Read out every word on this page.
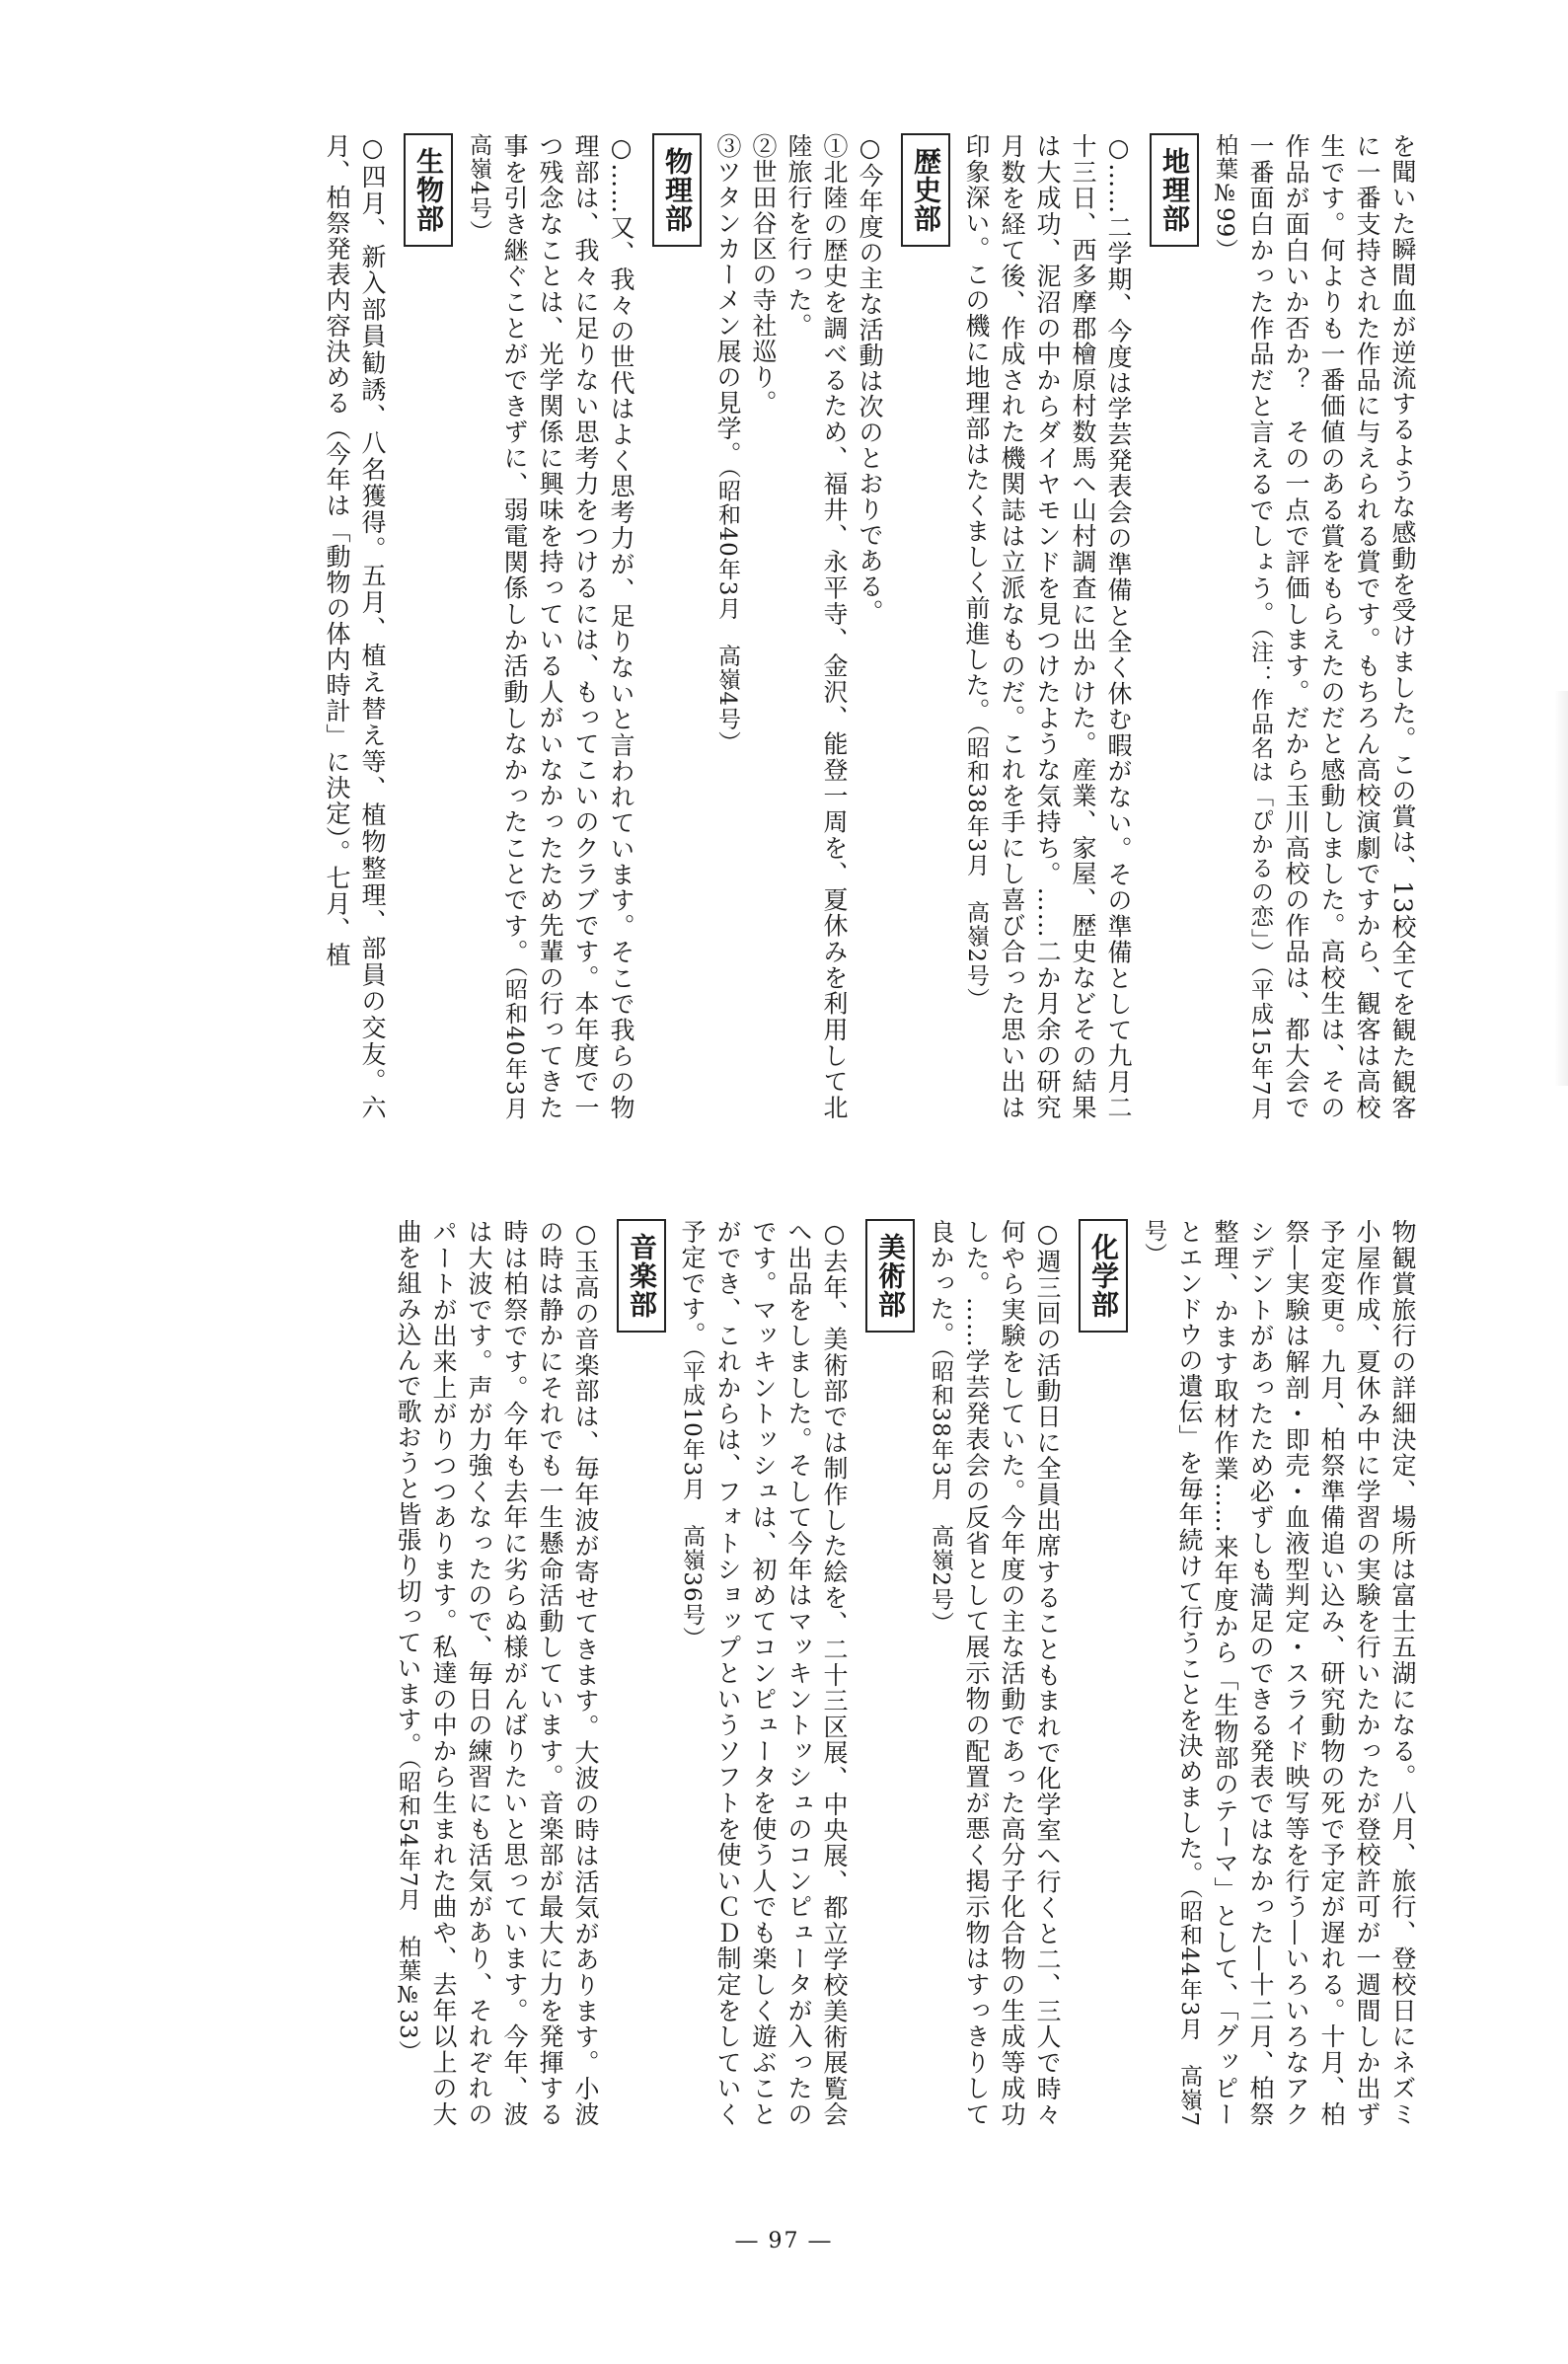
を聞いた瞬間血が逆流するような感動を受けました。この賞は、13校全てを観た観客に一番支持された作品に与えられる賞です。もちろん高校演劇ですから、観客は高校生です。何よりも一番価値のある賞をもらえたのだと感動しました。高校生は、その作品が面白いか否か？　その一点で評価します。だから玉川高校の作品は、都大会で一番面白かった作品だと言えるでしょう。（注：作品名は「ぴかるの恋」）（平成15年7月　柏葉№99）

地理部

○……二学期、今度は学芸発表会の準備と全く休む暇がない。その準備として九月二十三日、西多摩郡檜原村数馬へ山村調査に出かけた。産業、家屋、歴史などその結果は大成功、泥沼の中からダイヤモンドを見つけたような気持ち。……二か月余の研究月数を経て後、作成された機関誌は立派なものだ。これを手にし喜び合った思い出は印象深い。この機に地理部はたくましく前進した。（昭和38年3月　高嶺2号）

歴史部

○今年度の主な活動は次のとおりである。

①北陸の歴史を調べるため、福井、永平寺、金沢、能登一周を、夏休みを利用して北陸旅行を行った。

②世田谷区の寺社巡り。

③ツタンカーメン展の見学。（昭和40年3月　高嶺4号）

物理部

○……又、我々の世代はよく思考力が、足りないと言われています。そこで我らの物理部は、我々に足りない思考力をつけるには、もってこいのクラブです。本年度で一つ残念なことは、光学関係に興味を持っている人がいなかったため先輩の行ってきた事を引き継ぐことができずに、弱電関係しか活動しなかったことです。（昭和40年3月　高嶺4号）

生物部

○四月、新入部員勧誘、八名獲得。五月、植え替え等、植物整理、部員の交友。六月、柏祭発表内容決める（今年は「動物の体内時計」に決定）。七月、植

物観賞旅行の詳細決定、場所は富士五湖になる。八月、旅行、登校日にネズミ小屋作成、夏休み中に学習の実験を行いたかったが登校許可が一週間しか出ず予定変更。九月、柏祭準備追い込み、研究動物の死で予定が遅れる。十月、柏祭―実験は解剖・即売・血液型判定・スライド映写等を行う―いろいろなアクシデントがあったため必ずしも満足のできる発表ではなかった―十二月、柏祭整理、かます取材作業……来年度から「生物部のテーマ」として、「グッピーとエンドウの遺伝」を毎年続けて行うことを決めました。（昭和44年3月　高嶺7号）

化学部

○週三回の活動日に全員出席することもまれで化学室へ行くと二、三人で時々何やら実験をしていた。今年度の主な活動であった高分子化合物の生成等成功した。……学芸発表会の反省として展示物の配置が悪く掲示物はすっきりして良かった。（昭和38年3月　高嶺2号）

美術部

○去年、美術部では制作した絵を、二十三区展、中央展、都立学校美術展覧会へ出品をしました。そして今年はマッキントッシュのコンピュータが入ったのです。マッキントッシュは、初めてコンピュータを使う人でも楽しく遊ぶことができ、これからは、フォトショップというソフトを使いＣＤ制定をしていく予定です。（平成10年3月　高嶺36号）

音楽部

○玉高の音楽部は、毎年波が寄せてきます。大波の時は活気があります。小波の時は静かにそれでも一生懸命活動しています。音楽部が最大に力を発揮する時は柏祭です。今年も去年に劣らぬ様がんばりたいと思っています。今年、波は大波です。声が力強くなったので、毎日の練習にも活気があり、それぞれのパートが出来上がりつつあります。私達の中から生まれた曲や、去年以上の大曲を組み込んで歌おうと皆張り切っています。（昭和54年7月　柏葉№33）

― 97 ―
